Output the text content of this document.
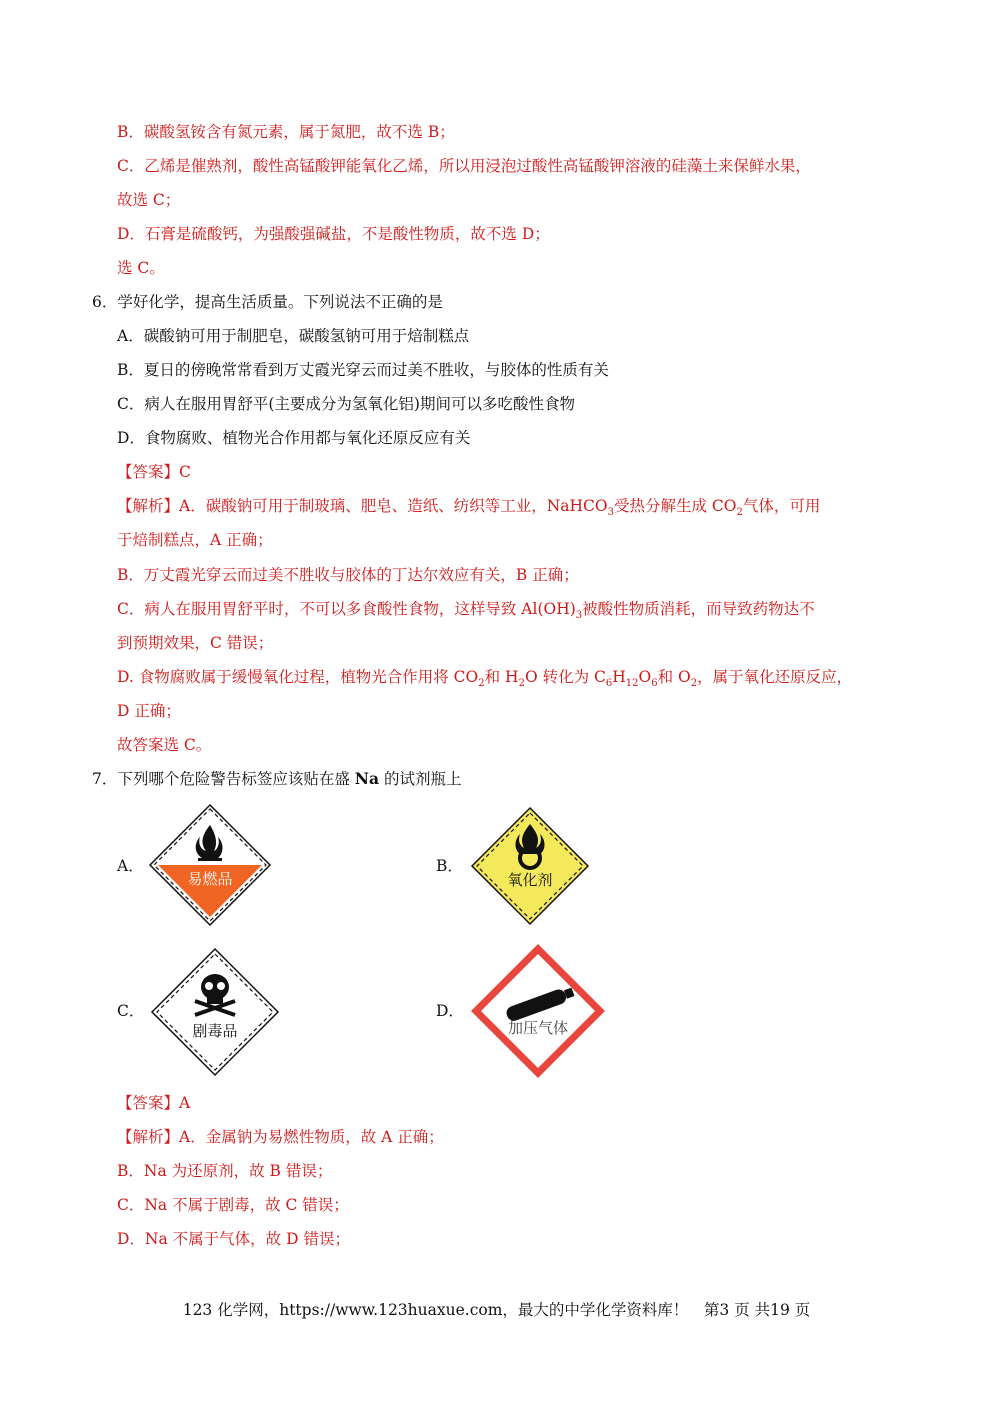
B．碳酸氢铵含有氮元素，属于氮肥，故不选 B；
C．乙烯是催熟剂，酸性高锰酸钾能氧化乙烯，所以用浸泡过酸性高锰酸钾溶液的硅藻土来保鲜水果，
故选 C；
D．石膏是硫酸钙，为强酸强碱盐，不是酸性物质，故不选 D；
选 C。
6．学好化学，提高生活质量。下列说法不正确的是
A．碳酸钠可用于制肥皂，碳酸氢钠可用于焙制糕点
B．夏日的傍晚常常看到万丈霞光穿云而过美不胜收，与胶体的性质有关
C．病人在服用胃舒平(主要成分为氢氧化铝)期间可以多吃酸性食物
D．食物腐败、植物光合作用都与氧化还原反应有关
【答案】C
【解析】A．碳酸钠可用于制玻璃、肥皂、造纸、纺织等工业，NaHCO$_3$受热分解生成 $CO_2$气体，可用
于焙制糕点，A 正确；
B．万丈霞光穿云而过美不胜收与胶体的丁达尔效应有关，B 正确；
C．病人在服用胃舒平时，不可以多食酸性食物，这样导致 $Al(OH)_3$被酸性物质消耗，而导致药物达不
到预期效果，C 错误；
D. 食物腐败属于缓慢氧化过程，植物光合作用将 $CO_2$和 $H_2O$ 转化为 $C_6H_{12}O_6$和 $O_2$，属于氧化还原反应，
D 正确；
故答案选 C。
7．下列哪个危险警告标签应该贴在盛 Na 的试剂瓶上
A．
易燃品
B．
氧化剂
C．
剧毒品
D．
加压气体
【答案】A
【解析】A．金属钠为易燃性物质，故 A 正确；
B．Na 为还原剂，故 B 错误；
C．Na 不属于剧毒，故 C 错误；
D．Na 不属于气体，故 D 错误；
123 化学网，https://www.123huaxue.com，最大的中学化学资料库！　第3 页 共19 页
